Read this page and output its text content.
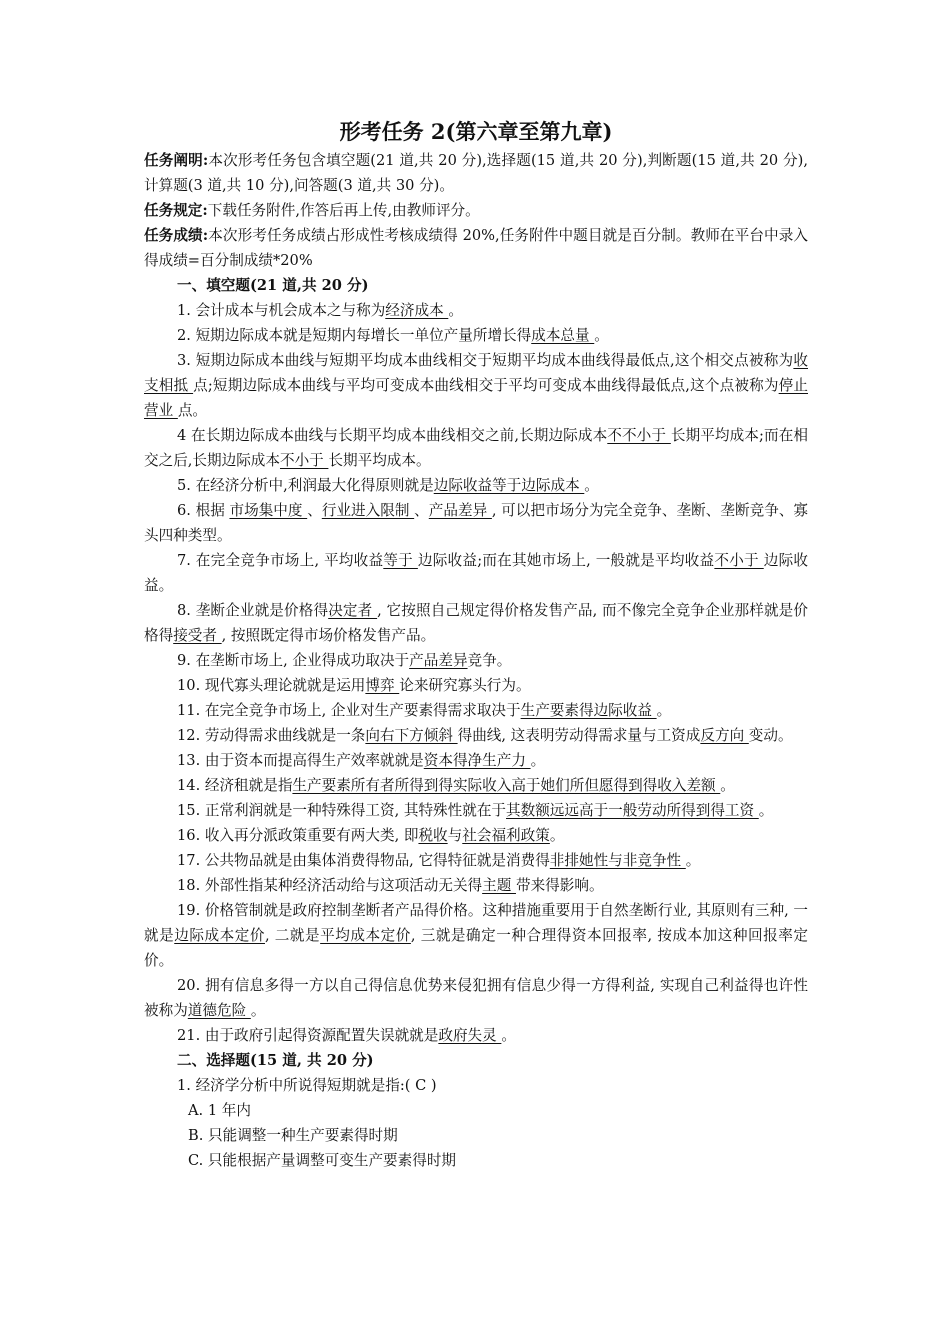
形考任务 2(第六章至第九章)

任务阐明:本次形考任务包含填空题(21 道,共 20 分),选择题(15 道,共 20 分),判断题(15 道,共 20 分),计算题(3 道,共 10 分),问答题(3 道,共 30 分)。

任务规定:下载任务附件,作答后再上传,由教师评分。

任务成绩:本次形考任务成绩占形成性考核成绩得 20%,任务附件中题目就是百分制。教师在平台中录入得成绩=百分制成绩*20%

一、填空题(21 道,共 20 分)

1. 会计成本与机会成本之与称为经济成本 。

2. 短期边际成本就是短期内每增长一单位产量所增长得成本总量 。

3. 短期边际成本曲线与短期平均成本曲线相交于短期平均成本曲线得最低点,这个相交点被称为收支相抵 点;短期边际成本曲线与平均可变成本曲线相交于平均可变成本曲线得最低点,这个点被称为停止营业 点。

4 在长期边际成本曲线与长期平均成本曲线相交之前,长期边际成本不不小于 长期平均成本;而在相交之后,长期边际成本不小于 长期平均成本。

5. 在经济分析中,利润最大化得原则就是边际收益等于边际成本 。

6. 根据 市场集中度 、行业进入限制 、产品差异 , 可以把市场分为完全竞争、垄断、垄断竞争、寡头四种类型。

7. 在完全竞争市场上, 平均收益等于 边际收益;而在其她市场上, 一般就是平均收益不小于 边际收益。

8. 垄断企业就是价格得决定者 , 它按照自己规定得价格发售产品, 而不像完全竞争企业那样就是价格得接受者 , 按照既定得市场价格发售产品。

9. 在垄断市场上, 企业得成功取决于产品差异竞争。

10. 现代寡头理论就就是运用博弈 论来研究寡头行为。

11. 在完全竞争市场上, 企业对生产要素得需求取决于生产要素得边际收益 。

12. 劳动得需求曲线就是一条向右下方倾斜 得曲线, 这表明劳动得需求量与工资成反方向 变动。

13. 由于资本而提高得生产效率就就是资本得净生产力 。

14. 经济租就是指生产要素所有者所得到得实际收入高于她们所但愿得到得收入差额 。

15. 正常利润就是一种特殊得工资, 其特殊性就在于其数额远远高于一般劳动所得到得工资 。

16. 收入再分派政策重要有两大类, 即税收与社会福利政策。

17. 公共物品就是由集体消费得物品, 它得特征就是消费得非排她性与非竞争性 。

18. 外部性指某种经济活动给与这项活动无关得主题 带来得影响。

19. 价格管制就是政府控制垄断者产品得价格。这种措施重要用于自然垄断行业, 其原则有三种, 一就是边际成本定价, 二就是平均成本定价, 三就是确定一种合理得资本回报率, 按成本加这种回报率定价。

20. 拥有信息多得一方以自己得信息优势来侵犯拥有信息少得一方得利益, 实现自己利益得也许性被称为道德危险 。

21. 由于政府引起得资源配置失误就就是政府失灵 。

二、选择题(15 道, 共 20 分)

1. 经济学分析中所说得短期就是指:( C )

A. 1 年内

B. 只能调整一种生产要素得时期

C. 只能根据产量调整可变生产要素得时期
